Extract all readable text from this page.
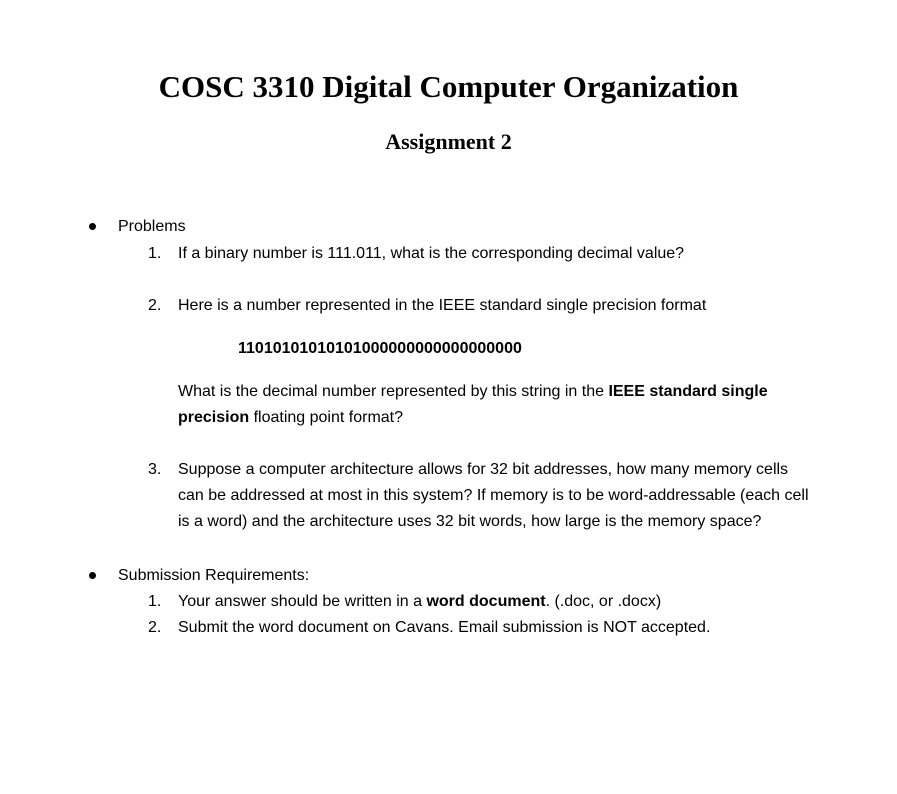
COSC 3310 Digital Computer Organization
Assignment 2
Problems
1. If a binary number is 111.011, what is the corresponding decimal value?
2. Here is a number represented in the IEEE standard single precision format
11010101010101000000000000000000
What is the decimal number represented by this string in the IEEE standard single
precision floating point format?
3. Suppose a computer architecture allows for 32 bit addresses, how many memory cells
can be addressed at most in this system? If memory is to be word-addressable (each cell
is a word) and the architecture uses 32 bit words, how large is the memory space?
Submission Requirements:
1. Your answer should be written in a word document. (.doc, or .docx)
2. Submit the word document on Cavans. Email submission is NOT accepted.
